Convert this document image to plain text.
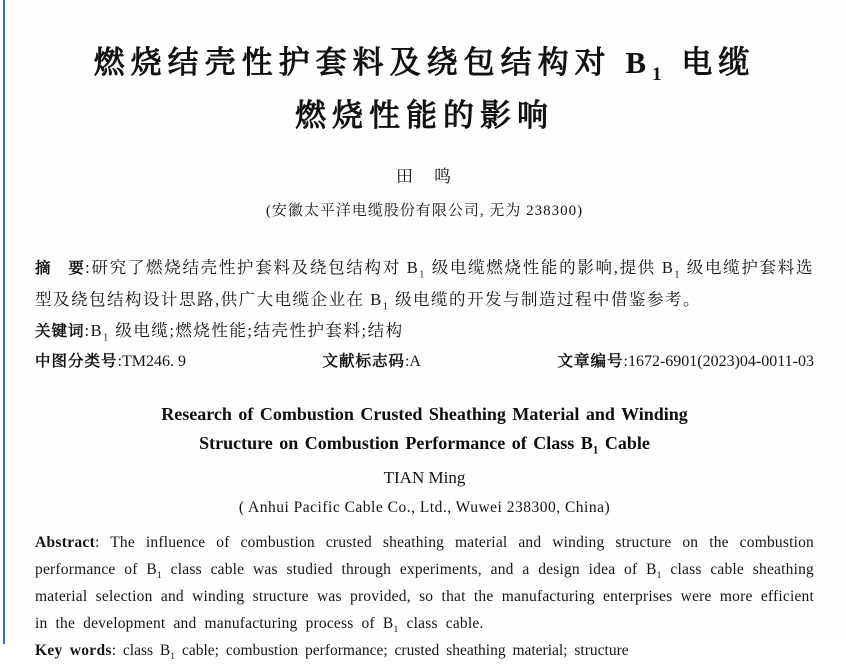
燃烧结壳性护套料及绕包结构对 $B_1$ 电缆
燃烧性能的影响
田　鸣
(安徽太平洋电缆股份有限公司, 无为 238300)
摘　要:研究了燃烧结壳性护套料及绕包结构对 $B_1$ 级电缆燃烧性能的影响,提供 $B_1$ 级电缆护套料选型及绕包结构设计思路,供广大电缆企业在 $B_1$ 级电缆的开发与制造过程中借鉴参考。
关键词$:B_1$ 级电缆;燃烧性能;结壳性护套料;结构
中图分类号:TM246. 9	文献标志码:A	文章编号:1672-6901(2023)04-0011-03
Research of Combustion Crusted Sheathing Material and Winding
Structure on Combustion Performance of Class $B_1$ Cable
TIAN Ming
( Anhui Pacific Cable Co., Ltd., Wuwei 238300, China)
Abstract: The influence of combustion crusted sheathing material and winding structure on the combustion performance of $B_1$ class cable was studied through experiments, and a design idea of $B_1$ class cable sheathing material selection and winding structure was provided, so that the manufacturing enterprises were more efficient in the development and manufacturing process of $B_1$ class cable.
Key words: class $B_1$ cable; combustion performance; crusted sheathing material; structure
